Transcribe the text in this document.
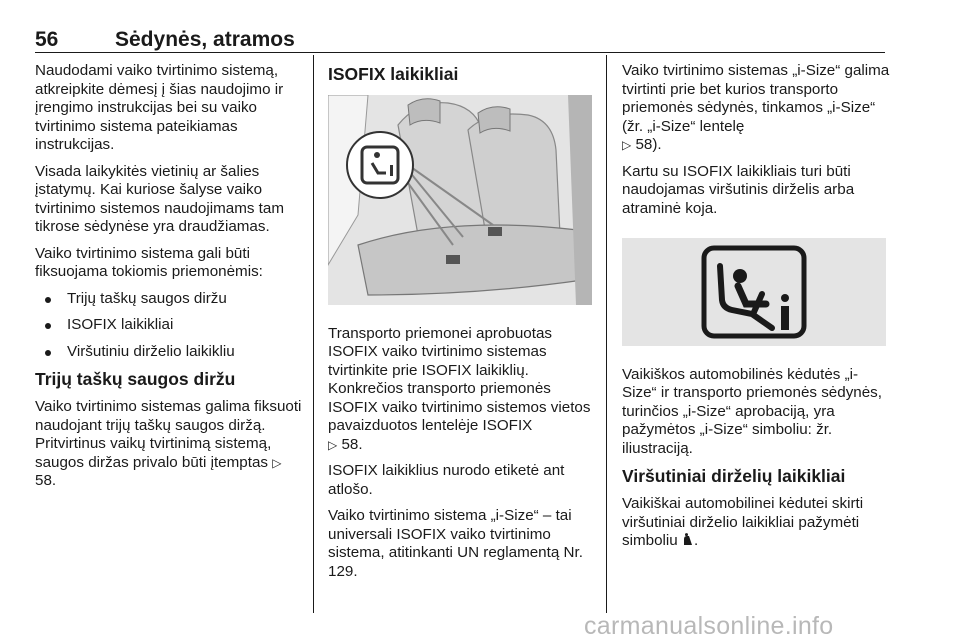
56	Sėdynės, atramos

Naudodami vaiko tvirtinimo sistemą, atkreipkite dėmesį į šias naudojimo ir įrengimo instrukcijas bei su vaiko tvirtinimo sistema pateikiamas instrukcijas.

Visada laikykitės vietinių ar šalies įstatymų. Kai kuriose šalyse vaiko tvirtinimo sistemos naudojimams tam tikrose sėdynėse yra draudžiamas.

Vaiko tvirtinimo sistema gali būti fiksuojama tokiomis priemonėmis:

Trijų taškų saugos diržu
ISOFIX laikikliai
Viršutiniu dirželio laikikliu
Trijų taškų saugos diržu

Vaiko tvirtinimo sistemas galima fiksuoti naudojant trijų taškų saugos diržą. Pritvirtinus vaikų tvirtinimą sistemą, saugos diržas privalo būti įtemptas ▷ 58.

ISOFIX laikikliai

Transporto priemonei aprobuotas ISOFIX vaiko tvirtinimo sistemas tvirtinkite prie ISOFIX laikiklių. Konkrečios transporto priemonės ISOFIX vaiko tvirtinimo sistemos vietos pavaizduotos lentelėje ISOFIX
▷ 58.

ISOFIX laikiklius nurodo etiketė ant atlošo.

Vaiko tvirtinimo sistema „i-Size“ – tai universali ISOFIX vaiko tvirtinimo sistema, atitinkanti UN reglamentą Nr. 129.

Vaiko tvirtinimo sistemas „i-Size“ galima tvirtinti prie bet kurios transporto priemonės sėdynės, tinkamos „i-Size“ (žr. „i-Size“ lentelę
▷ 58).

Kartu su ISOFIX laikikliais turi būti naudojamas viršutinis dirželis arba atraminė koja.

Vaikiškos automobilinės kėdutės „i-Size“ ir transporto priemonės sėdynės, turinčios „i-Size“ aprobaciją, yra pažymėtos „i-Size“ simboliu: žr. iliustraciją.

Viršutiniai dirželių laikikliai

Vaikiškai automobilinei kėdutei skirti viršutiniai dirželio laikikliai pažymėti simboliu .

carmanualsonline.info
